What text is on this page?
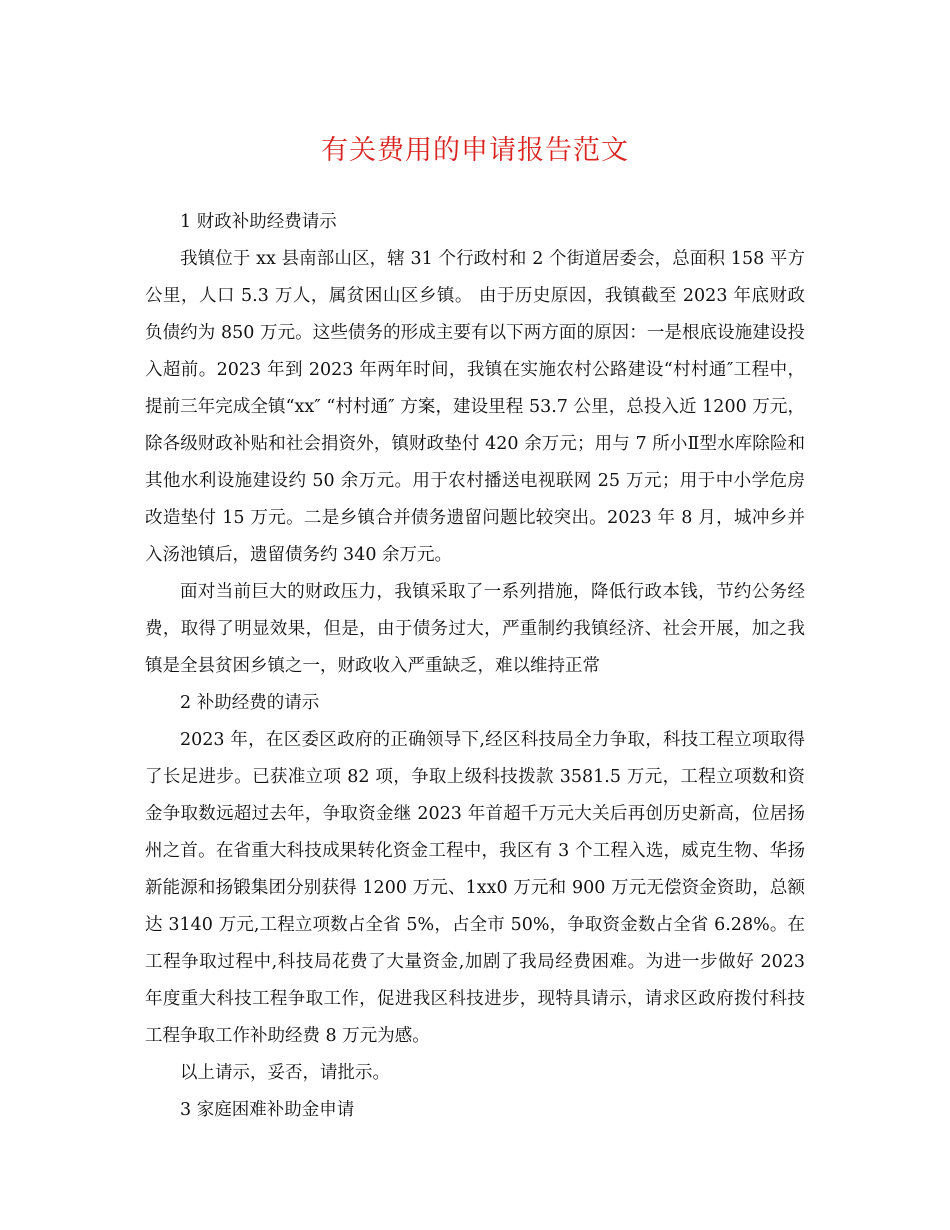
有关费用的申请报告范文

1 财政补助经费请示

我镇位于 xx 县南部山区，辖 31 个行政村和 2 个街道居委会，总面积 158 平方公里，人口 5.3 万人，属贫困山区乡镇。 由于历史原因，我镇截至 2023 年底财政负债约为 850 万元。这些债务的形成主要有以下两方面的原因：一是根底设施建设投入超前。2023 年到 2023 年两年时间，我镇在实施农村公路建设“村村通″工程中，提前三年完成全镇“xx″ “村村通″ 方案，建设里程 53.7 公里，总投入近 1200 万元，除各级财政补贴和社会捐资外，镇财政垫付 420 余万元；用与 7 所小Ⅱ型水库除险和其他水利设施建设约 50 余万元。用于农村播送电视联网 25 万元；用于中小学危房改造垫付 15 万元。二是乡镇合并债务遗留问题比较突出。2023 年 8 月，城冲乡并入汤池镇后，遗留债务约 340 余万元。

面对当前巨大的财政压力，我镇采取了一系列措施，降低行政本钱，节约公务经费，取得了明显效果，但是，由于债务过大，严重制约我镇经济、社会开展，加之我镇是全县贫困乡镇之一，财政收入严重缺乏，难以维持正常

2 补助经费的请示

2023 年，在区委区政府的正确领导下,经区科技局全力争取，科技工程立项取得了长足进步。已获准立项 82 项，争取上级科技拨款 3581.5 万元，工程立项数和资金争取数远超过去年，争取资金继 2023 年首超千万元大关后再创历史新高，位居扬州之首。在省重大科技成果转化资金工程中，我区有 3 个工程入选，威克生物、华扬新能源和扬锻集团分别获得 1200 万元、1xx0 万元和 900 万元无偿资金资助，总额达 3140 万元,工程立项数占全省 5%，占全市 50%，争取资金数占全省 6.28%。在工程争取过程中,科技局花费了大量资金,加剧了我局经费困难。为进一步做好 2023 年度重大科技工程争取工作，促进我区科技进步，现特具请示，请求区政府拨付科技工程争取工作补助经费 8 万元为感。

以上请示，妥否，请批示。

3 家庭困难补助金申请
